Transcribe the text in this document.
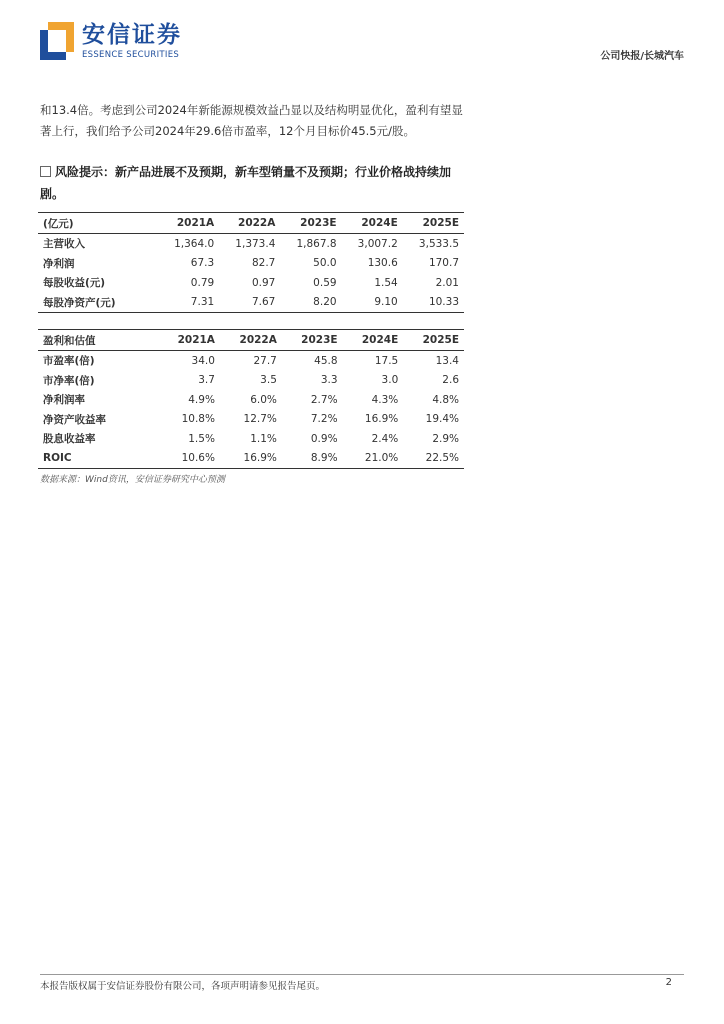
安信证券
ESSENCE SECURITIES	公司快报/长城汽车
和13.4倍。考虑到公司2024年新能源规模效益凸显以及结构明显优化，盈利有望显著上行，我们给予公司2024年29.6倍市盈率，12个月目标价45.5元/股。
风险提示：新产品进展不及预期，新车型销量不及预期；行业价格战持续加剧。
(亿元)	2021A	2022A	2023E	2024E	2025E
主营收入	1,364.0	1,373.4	1,867.8	3,007.2	3,533.5
净利润	67.3	82.7	50.0	130.6	170.7
每股收益(元)	0.79	0.97	0.59	1.54	2.01
每股净资产(元)	7.31	7.67	8.20	9.10	10.33
盈利和估值	2021A	2022A	2023E	2024E	2025E
市盈率(倍)	34.0	27.7	45.8	17.5	13.4
市净率(倍)	3.7	3.5	3.3	3.0	2.6
净利润率	4.9%	6.0%	2.7%	4.3%	4.8%
净资产收益率	10.8%	12.7%	7.2%	16.9%	19.4%
股息收益率	1.5%	1.1%	0.9%	2.4%	2.9%
ROIC	10.6%	16.9%	8.9%	21.0%	22.5%
数据来源：Wind资讯，安信证券研究中心预测
本报告版权属于安信证券股份有限公司，各项声明请参见报告尾页。	2
